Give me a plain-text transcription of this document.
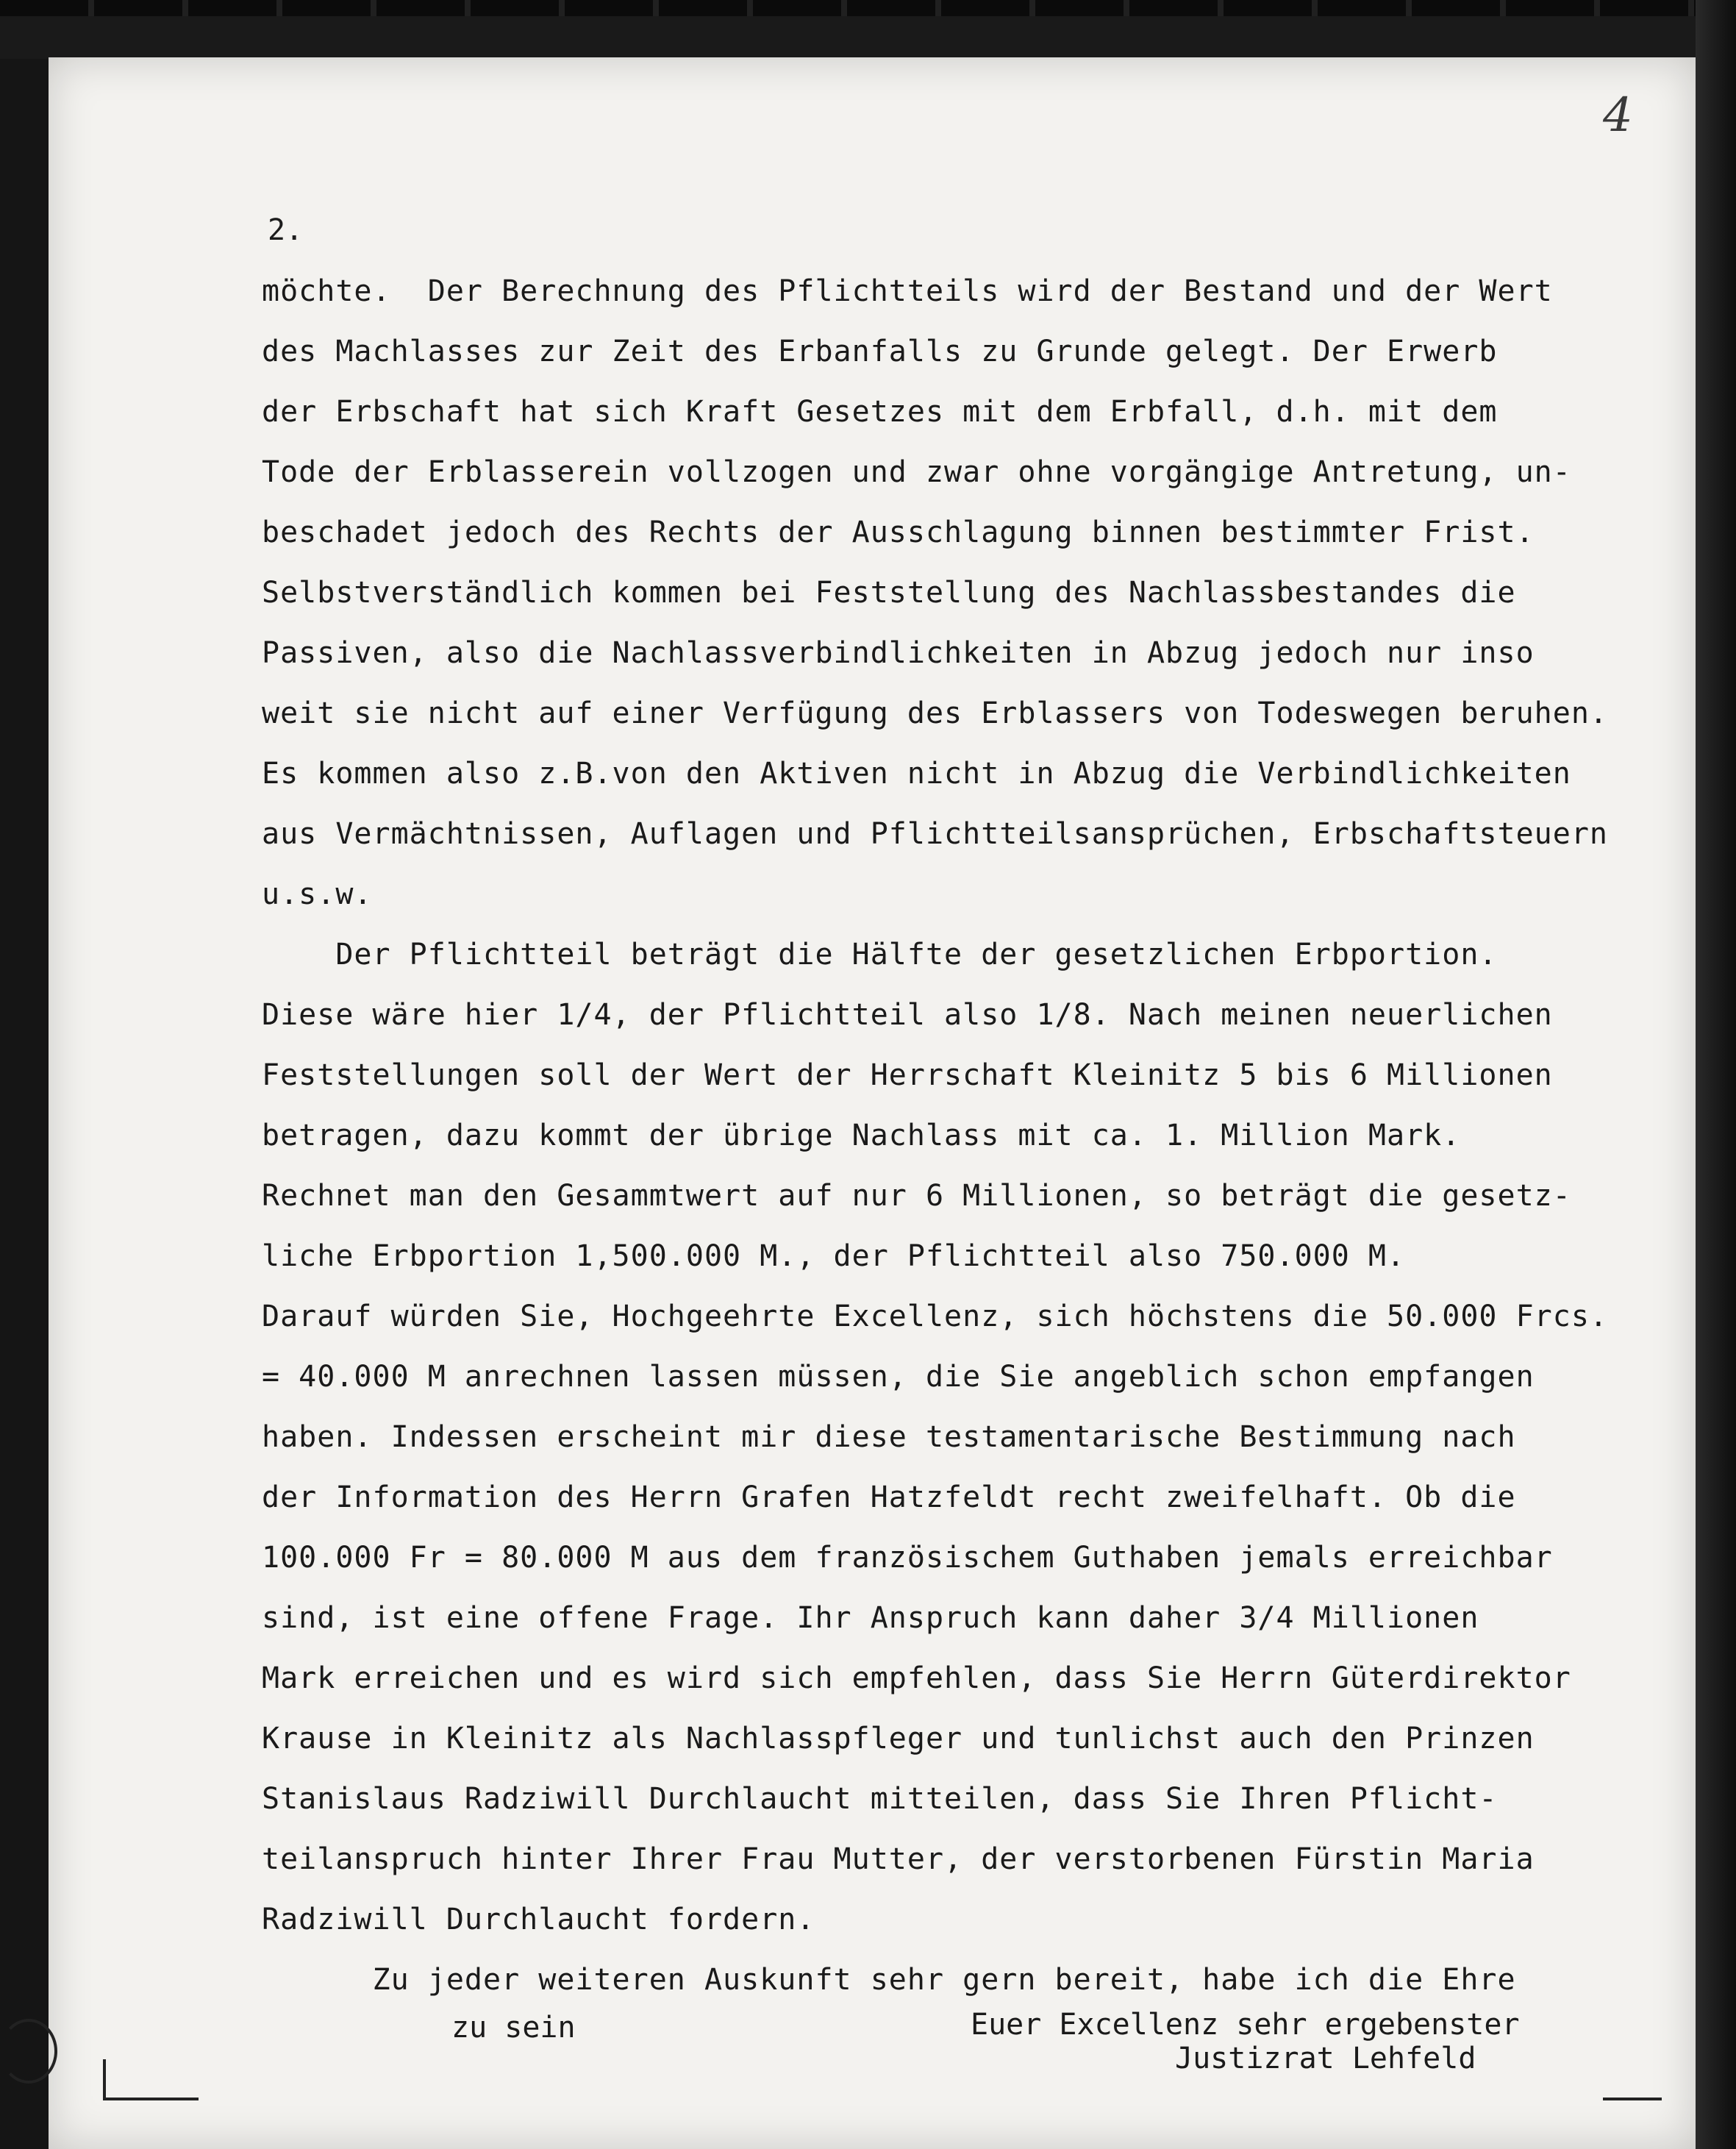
4
2.
möchte.  Der Berechnung des Pflichtteils wird der Bestand und der Wert
des Machlasses zur Zeit des Erbanfalls zu Grunde gelegt. Der Erwerb
der Erbschaft hat sich Kraft Gesetzes mit dem Erbfall, d.h. mit dem
Tode der Erblasserein vollzogen und zwar ohne vorgängige Antretung, un-
beschadet jedoch des Rechts der Ausschlagung binnen bestimmter Frist.
Selbstverständlich kommen bei Feststellung des Nachlassbestandes die
Passiven, also die Nachlassverbindlichkeiten in Abzug jedoch nur inso
weit sie nicht auf einer Verfügung des Erblassers von Todeswegen beruhen.
Es kommen also z.B.von den Aktiven nicht in Abzug die Verbindlichkeiten
aus Vermächtnissen, Auflagen und Pflichtteilsansprüchen, Erbschaftsteuern
u.s.w.
Der Pflichtteil beträgt die Hälfte der gesetzlichen Erbportion.
Diese wäre hier 1/4, der Pflichtteil also 1/8. Nach meinen neuerlichen
Feststellungen soll der Wert der Herrschaft Kleinitz 5 bis 6 Millionen
betragen, dazu kommt der übrige Nachlass mit ca. 1. Million Mark.
Rechnet man den Gesammtwert auf nur 6 Millionen, so beträgt die gesetz-
liche Erbportion 1,500.000 M., der Pflichtteil also 750.000 M.
Darauf würden Sie, Hochgeehrte Excellenz, sich höchstens die 50.000 Frcs.
= 40.000 M anrechnen lassen müssen, die Sie angeblich schon empfangen
haben. Indessen erscheint mir diese testamentarische Bestimmung nach
der Information des Herrn Grafen Hatzfeldt recht zweifelhaft. Ob die
100.000 Fr = 80.000 M aus dem französischem Guthaben jemals erreichbar
sind, ist eine offene Frage. Ihr Anspruch kann daher 3/4 Millionen
Mark erreichen und es wird sich empfehlen, dass Sie Herrn Güterdirektor
Krause in Kleinitz als Nachlasspfleger und tunlichst auch den Prinzen
Stanislaus Radziwill Durchlaucht mitteilen, dass Sie Ihren Pflicht-
teilanspruch hinter Ihrer Frau Mutter, der verstorbenen Fürstin Maria
Radziwill Durchlaucht fordern.
Zu jeder weiteren Auskunft sehr gern bereit, habe ich die Ehre
zu sein	Euer Excellenz sehr ergebenster
Justizrat Lehfeld
